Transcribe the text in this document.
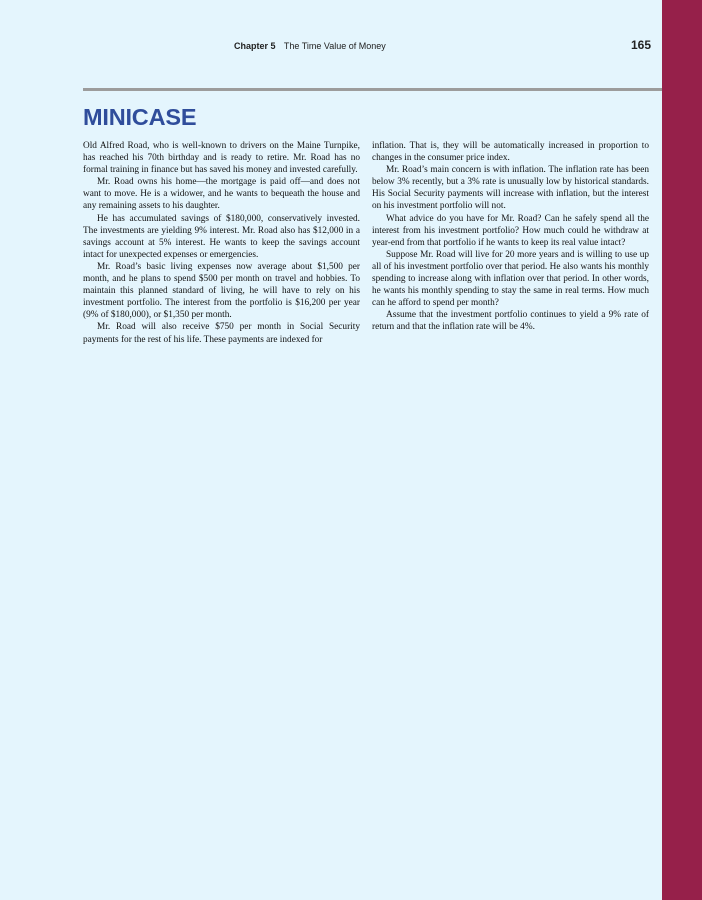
Chapter 5 The Time Value of Money	165
MINICASE

Old Alfred Road, who is well-known to drivers on the Maine Turnpike, has reached his 70th birthday and is ready to retire. Mr. Road has no formal training in finance but has saved his money and invested carefully.

Mr. Road owns his home—the mortgage is paid off—and does not want to move. He is a widower, and he wants to bequeath the house and any remaining assets to his daughter.

He has accumulated savings of $180,000, conservatively invested. The investments are yielding 9% interest. Mr. Road also has $12,000 in a savings account at 5% interest. He wants to keep the savings account intact for unexpected expenses or emergencies.

Mr. Road’s basic living expenses now average about $1,500 per month, and he plans to spend $500 per month on travel and hobbies. To maintain this planned standard of living, he will have to rely on his investment portfolio. The interest from the portfolio is $16,200 per year (9% of $180,000), or $1,350 per month.

Mr. Road will also receive $750 per month in Social Security payments for the rest of his life. These payments are indexed for

inflation. That is, they will be automatically increased in proportion to changes in the consumer price index.

Mr. Road’s main concern is with inflation. The inflation rate has been below 3% recently, but a 3% rate is unusually low by historical standards. His Social Security payments will increase with inflation, but the interest on his investment portfolio will not.

What advice do you have for Mr. Road? Can he safely spend all the interest from his investment portfolio? How much could he withdraw at year-end from that portfolio if he wants to keep its real value intact?

Suppose Mr. Road will live for 20 more years and is willing to use up all of his investment portfolio over that period. He also wants his monthly spending to increase along with inflation over that period. In other words, he wants his monthly spending to stay the same in real terms. How much can he afford to spend per month?

Assume that the investment portfolio continues to yield a 9% rate of return and that the inflation rate will be 4%.
